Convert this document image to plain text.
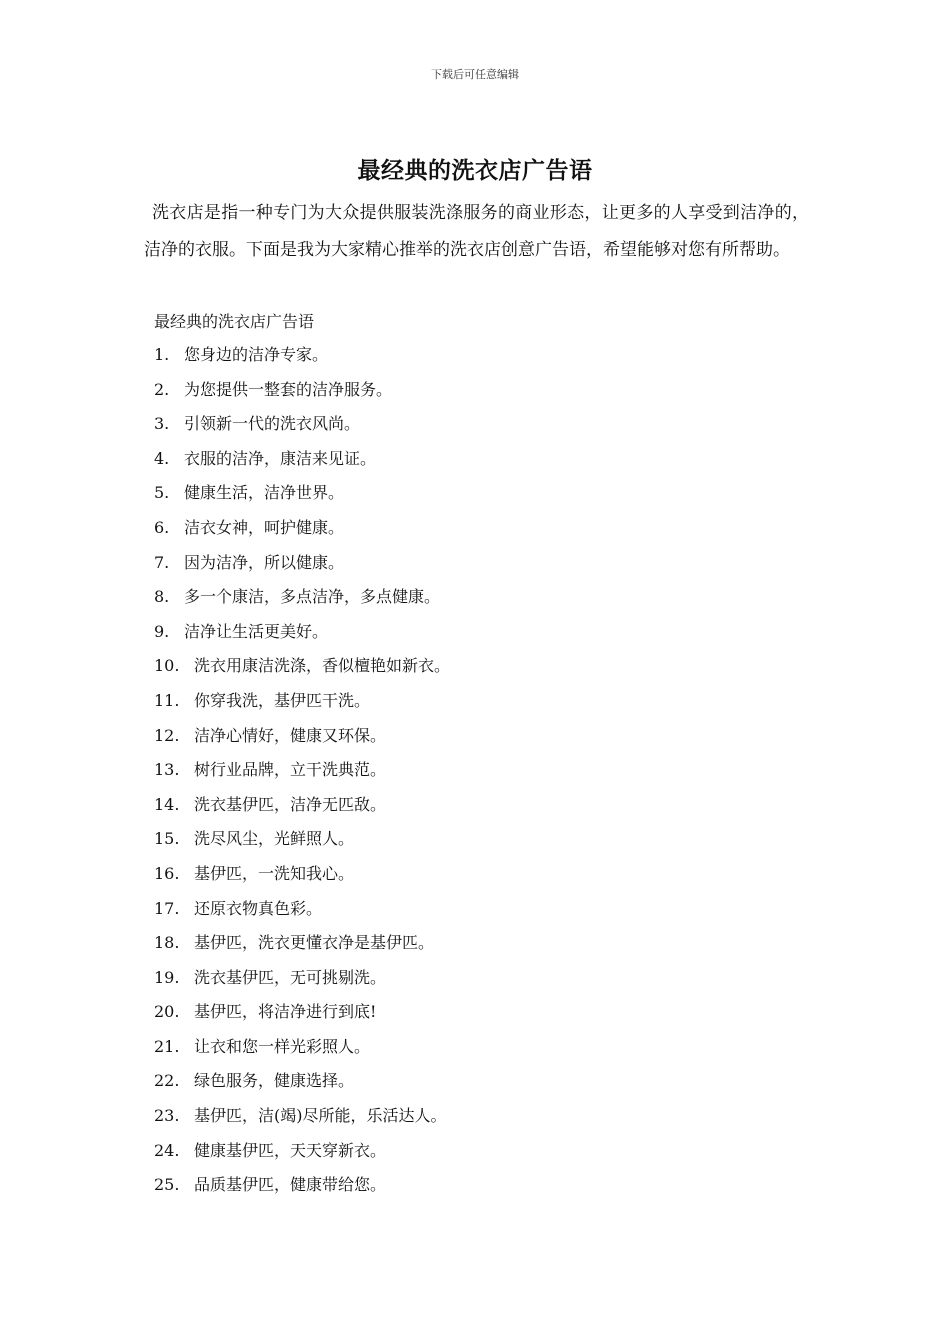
下载后可任意编辑
最经典的洗衣店广告语
洗衣店是指一种专门为大众提供服装洗涤服务的商业形态，让更多的人享受到洁净的，洁净的衣服。下面是我为大家精心推举的洗衣店创意广告语，希望能够对您有所帮助。
最经典的洗衣店广告语
1. 您身边的洁净专家。
2. 为您提供一整套的洁净服务。
3. 引领新一代的洗衣风尚。
4. 衣服的洁净，康洁来见证。
5. 健康生活，洁净世界。
6. 洁衣女神，呵护健康。
7. 因为洁净，所以健康。
8. 多一个康洁，多点洁净，多点健康。
9. 洁净让生活更美好。
10. 洗衣用康洁洗涤，香似檀艳如新衣。
11. 你穿我洗，基伊匹干洗。
12. 洁净心情好，健康又环保。
13. 树行业品牌，立干洗典范。
14. 洗衣基伊匹，洁净无匹敌。
15. 洗尽风尘，光鲜照人。
16. 基伊匹，一洗知我心。
17. 还原衣物真色彩。
18. 基伊匹，洗衣更懂衣净是基伊匹。
19. 洗衣基伊匹，无可挑剔洗。
20. 基伊匹，将洁净进行到底!
21. 让衣和您一样光彩照人。
22. 绿色服务，健康选择。
23. 基伊匹，洁(竭)尽所能，乐活达人。
24. 健康基伊匹，天天穿新衣。
25. 品质基伊匹，健康带给您。
